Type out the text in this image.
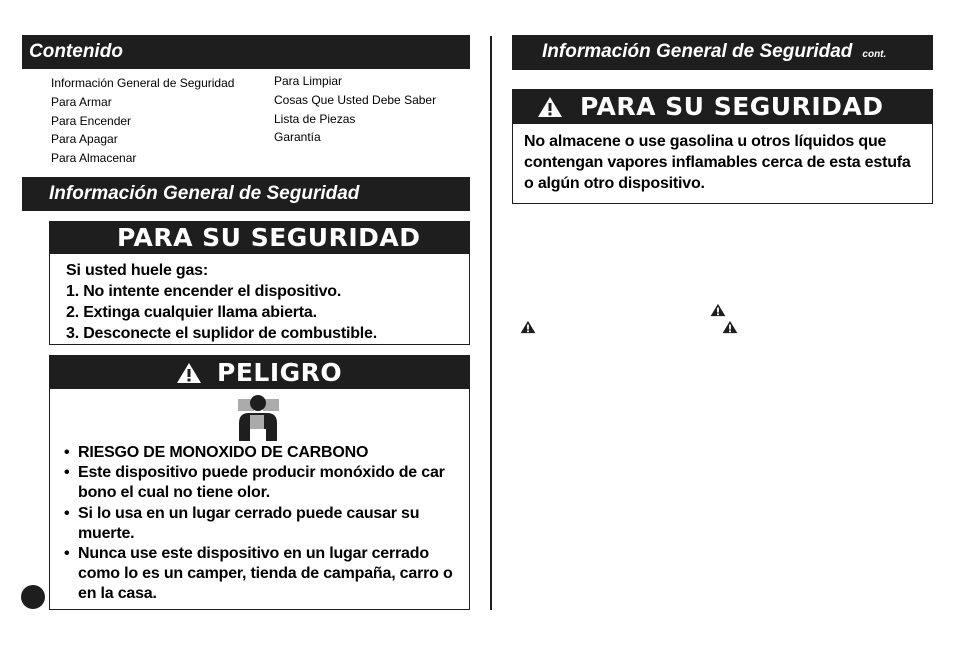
Contenido
Información General de Seguridad
Para Armar
Para Encender
Para Apagar
Para Almacenar
Para Limpiar
Cosas Que Usted Debe Saber
Lista de Piezas
Garantía
Información General de Seguridad
PARA SU SEGURIDAD
Si usted huele gas:
1. No intente encender el dispositivo.
2. Extinga cualquier llama abierta.
3. Desconecte el suplidor de combustible.
PELIGRO
• RIESGO DE MONOXIDO DE CARBONO
• Este dispositivo puede producir monóxido de car bono el cual no tiene olor.
• Si lo usa en un lugar cerrado puede causar su muerte.
• Nunca use este dispositivo en un lugar cerrado como lo es un camper, tienda de campaña, carro o en la casa.
Información General de Seguridad cont.
PARA SU SEGURIDAD
No almacene o use gasolina u otros líquidos que
contengan vapores inflamables cerca de esta estufa
o algún otro dispositivo.
